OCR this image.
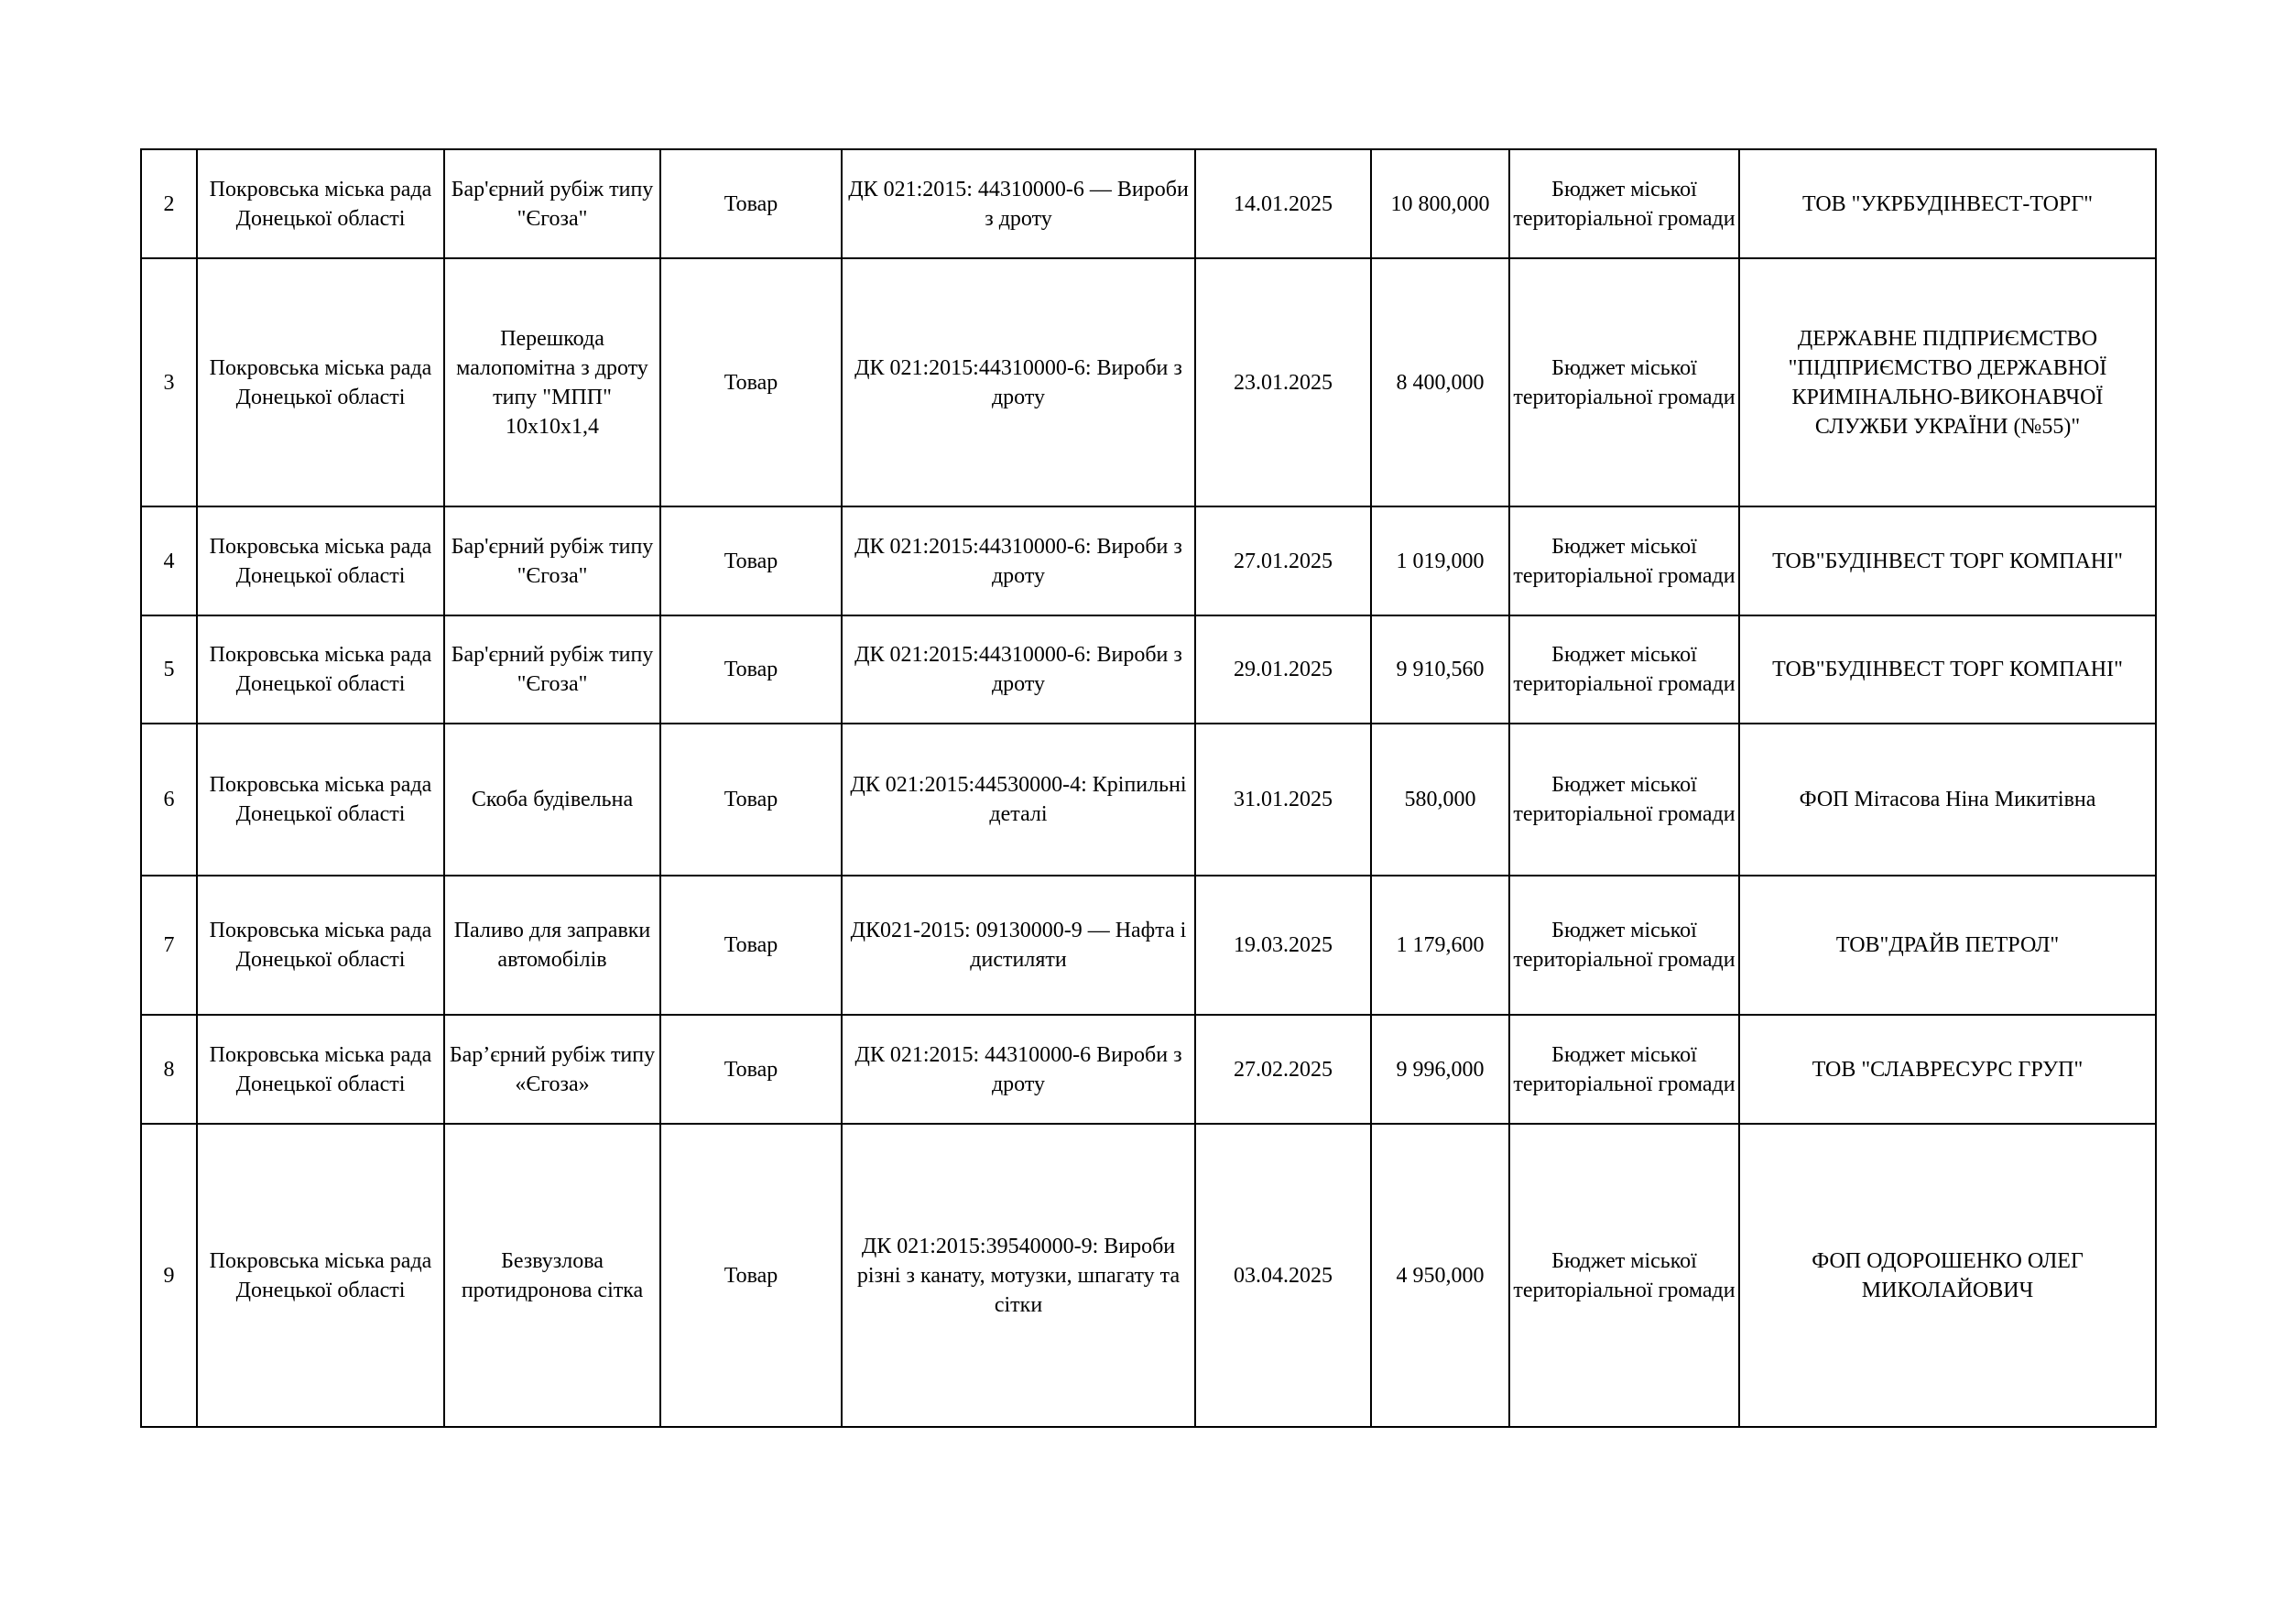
2	Покровська міська рада Донецької області	Бар'єрний рубіж типу "Єгоза"	Товар	ДК 021:2015: 44310000-6 — Вироби з дроту	14.01.2025	10 800,000	Бюджет міської територіальної громади	ТОВ "УКРБУДІНВЕСТ-ТОРГ"
3	Покровська міська рада Донецької області	Перешкода малопомітна з дроту типу "МПП" 10х10х1,4	Товар	ДК 021:2015:44310000-6: Вироби з дроту	23.01.2025	8 400,000	Бюджет міської територіальної громади	ДЕРЖАВНЕ ПІДПРИЄМСТВО "ПІДПРИЄМСТВО ДЕРЖАВНОЇ КРИМІНАЛЬНО-ВИКОНАВЧОЇ СЛУЖБИ УКРАЇНИ (№55)"
4	Покровська міська рада Донецької області	Бар'єрний рубіж типу "Єгоза"	Товар	ДК 021:2015:44310000-6: Вироби з дроту	27.01.2025	1 019,000	Бюджет міської територіальної громади	ТОВ"БУДІНВЕСТ ТОРГ КОМПАНІ"
5	Покровська міська рада Донецької області	Бар'єрний рубіж типу "Єгоза"	Товар	ДК 021:2015:44310000-6: Вироби з дроту	29.01.2025	9 910,560	Бюджет міської територіальної громади	ТОВ"БУДІНВЕСТ ТОРГ КОМПАНІ"
6	Покровська міська рада Донецької області	Скоба будівельна	Товар	ДК 021:2015:44530000-4: Кріпильні деталі	31.01.2025	580,000	Бюджет міської територіальної громади	ФОП Мітасова Ніна Микитівна
7	Покровська міська рада Донецької області	Паливо для заправки автомобілів	Товар	ДК021-2015: 09130000-9 — Нафта і дистиляти	19.03.2025	1 179,600	Бюджет міської територіальної громади	ТОВ"ДРАЙВ ПЕТРОЛ"
8	Покровська міська рада Донецької області	Бар’єрний рубіж типу «Єгоза»	Товар	ДК 021:2015: 44310000-6 Вироби з дроту	27.02.2025	9 996,000	Бюджет міської територіальної громади	ТОВ "СЛАВРЕСУРС ГРУП"
9	Покровська міська рада Донецької області	Безвузлова протидронова сітка	Товар	ДК 021:2015:39540000-9: Вироби різні з канату, мотузки, шпагату та сітки	03.04.2025	4 950,000	Бюджет міської територіальної громади	ФОП ОДОРОШЕНКО ОЛЕГ МИКОЛАЙОВИЧ
